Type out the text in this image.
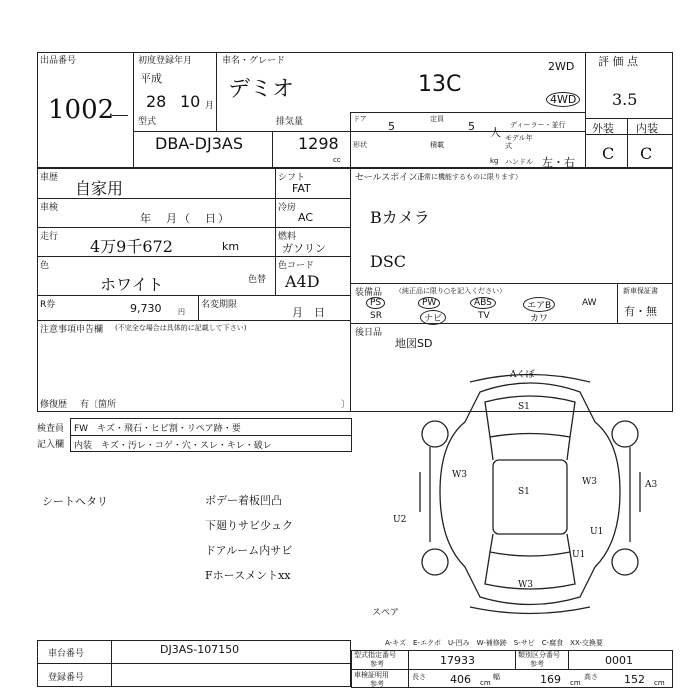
出品番号
1002
初度登録年月
平成
28 10 月
車名・グレード
デミオ	13C
2WD
4WD
評 価 点
3.5
外装 内装
C C
型式
DBA-DJ3AS
排気量
1298
cc
ドア
5
定員
5 人
ディーラー・並行
形状	積載
モデル年式
kg ハンドル 左・右
車歴
自家用
車検
年　月（　日）
走行 4万9千672	km
色
ホワイト	色替
シフト
FAT
冷房
AC
燃料
ガソリン
色コード
A4D
R券	9,730 円
名変期限
月　日
注意事項申告欄 (不完全な場合は具体的に記載して下さい)
修復歴 有〔箇所	〕
セールスポイント
（正常に機能するものに限ります）
Bカメラ
DSC
装備品 （純正品に限り○を記入ください）
PS	PW	ABS	エアB	AW
SR	ナビ	TV	カワ
新車保証書
有・無
後日品
地図SD
検査員
記入欄
FW　キズ・飛石・ヒビ割・リペア跡・要
内装　キズ・汚レ・コゲ・穴・スレ・キレ・破レ
シートヘタリ	ボデー着板凹凸
下廻りサビ少ュク
ドアルーム内サビ
Fホースメントxx
Aくぼ
S1
W3
W3
S1
A3
U2
U1
U1
W3
スペア
A-キズ　E-エクボ　U-凹み　W-補修跡　S-サビ　C-腐食　XX-交換要
車台番号	DJ3AS-107150
登録番号
型式指定番号
参考	17933	類別区分番号
参考	0001
車検証明用
参考
長さ 406 cm
幅	169 cm
高さ 152 cm
